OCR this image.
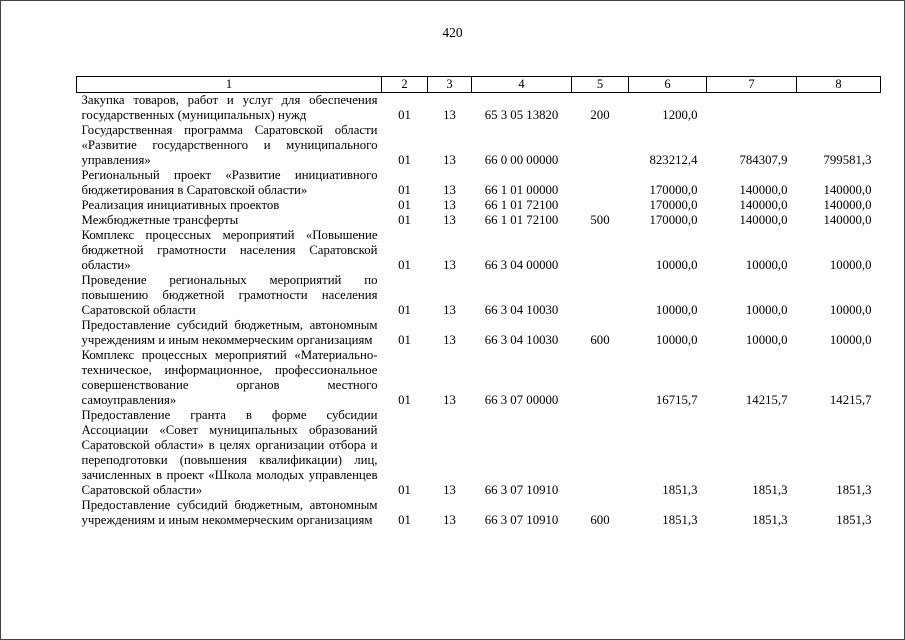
420
1	2	3	4	5	6	7	8
Закупка товаров, работ и услуг для обеспечения государственных (муниципальных) нужд	01	13	65 3 05 13820	200	1200,0		
Государственная программа Саратовской области «Развитие государственного и муниципального управления»	01	13	66 0 00 00000		823212,4	784307,9	799581,3
Региональный проект «Развитие инициативного бюджетирования в Саратовской области»	01	13	66 1 01 00000		170000,0	140000,0	140000,0
Реализация инициативных проектов	01	13	66 1 01 72100		170000,0	140000,0	140000,0
Межбюджетные трансферты	01	13	66 1 01 72100	500	170000,0	140000,0	140000,0
Комплекс процессных мероприятий «Повышение бюджетной грамотности населения Саратовской области»	01	13	66 3 04 00000		10000,0	10000,0	10000,0
Проведение региональных мероприятий по повышению бюджетной грамотности населения Саратовской области	01	13	66 3 04 10030		10000,0	10000,0	10000,0
Предоставление субсидий бюджетным, автономным учреждениям и иным некоммерческим организациям	01	13	66 3 04 10030	600	10000,0	10000,0	10000,0
Комплекс процессных мероприятий «Материально-техническое, информационное, профессиональное совершенствование органов местного самоуправления»	01	13	66 3 07 00000		16715,7	14215,7	14215,7
Предоставление гранта в форме субсидии Ассоциации «Совет муниципальных образований Саратовской области» в целях организации отбора и переподготовки (повышения квалификации) лиц, зачисленных в проект «Школа молодых управленцев Саратовской области»	01	13	66 3 07 10910		1851,3	1851,3	1851,3
Предоставление субсидий бюджетным, автономным учреждениям и иным некоммерческим организациям	01	13	66 3 07 10910	600	1851,3	1851,3	1851,3
